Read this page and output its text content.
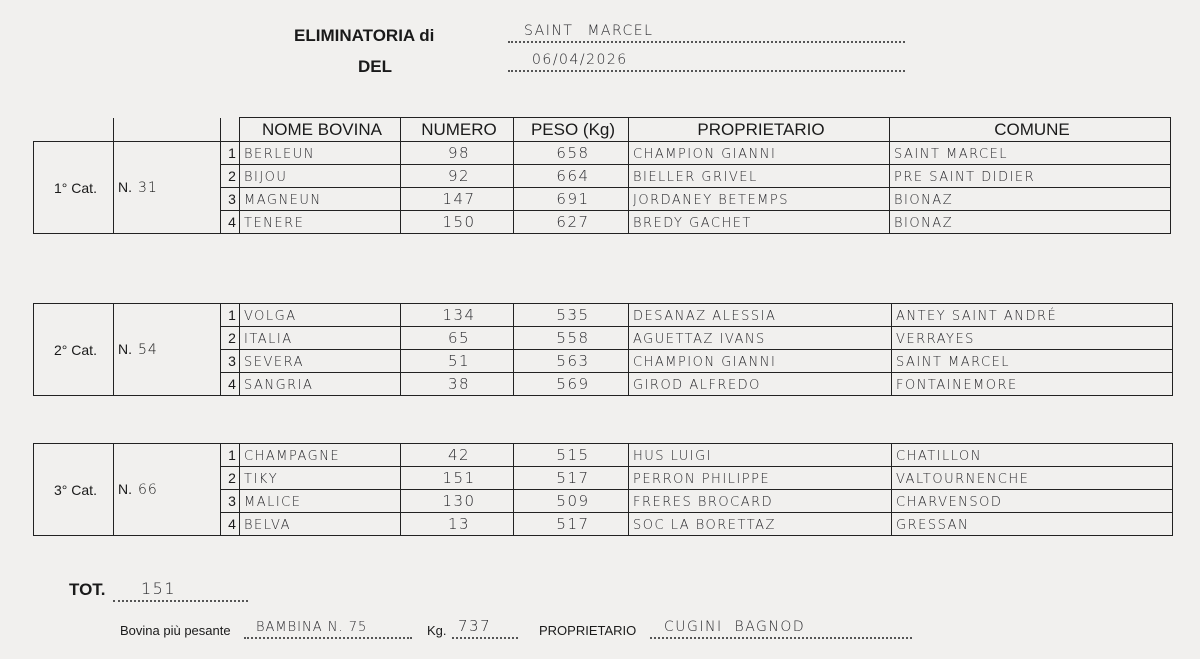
ELIMINATORIA di	SAINT MARCEL
DEL	06/04/2026
			NOME BOVINA	NUMERO	PESO (Kg)	PROPRIETARIO	COMUNE
1° Cat.	N. 31	1	BERLEUN	98	658	CHAMPION GIANNI	SAINT MARCEL
		2	BIJOU	92	664	BIELLER GRIVEL	PRE SAINT DIDIER
		3	MAGNEUN	147	691	JORDANEY BETEMPS	BIONAZ
		4	TENERE	150	627	BREDY GACHET	BIONAZ
2° Cat.	N. 54	1	VOLGA	134	535	DESANAZ ALESSIA	ANTEY SAINT ANDRÉ
		2	ITALIA	65	558	AGUETTAZ IVANS	VERRAYES
		3	SEVERA	51	563	CHAMPION GIANNI	SAINT MARCEL
		4	SANGRIA	38	569	GIROD ALFREDO	FONTAINEMORE
3° Cat.	N. 66	1	CHAMPAGNE	42	515	HUS LUIGI	CHATILLON
		2	TIKY	151	517	PERRON PHILIPPE	VALTOURNENCHE
		3	MALICE	130	509	FRERES BROCARD	CHARVENSOD
		4	BELVA	13	517	SOC LA BORETTAZ	GRESSAN
TOT. 151
Bovina più pesante BAMBINA N. 75	Kg. 737	PROPRIETARIO CUGINI BAGNOD
